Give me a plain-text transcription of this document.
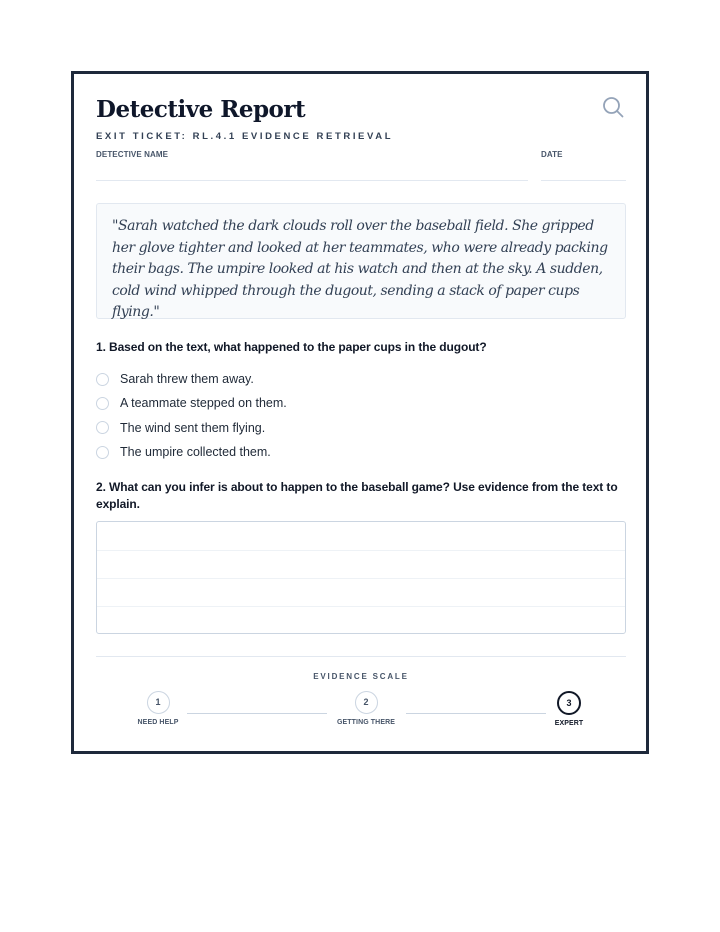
Detective Report
EXIT TICKET: RL.4.1 EVIDENCE RETRIEVAL
DETECTIVE NAME	DATE
"Sarah watched the dark clouds roll over the baseball field. She gripped her glove tighter and looked at her teammates, who were already packing their bags. The umpire looked at his watch and then at the sky. A sudden, cold wind whipped through the dugout, sending a stack of paper cups flying."
1. Based on the text, what happened to the paper cups in the dugout?
Sarah threw them away.
A teammate stepped on them.
The wind sent them flying.
The umpire collected them.
2. What can you infer is about to happen to the baseball game? Use evidence from the text to explain.
EVIDENCE SCALE
1
NEED HELP
2
GETTING THERE
3
EXPERT
